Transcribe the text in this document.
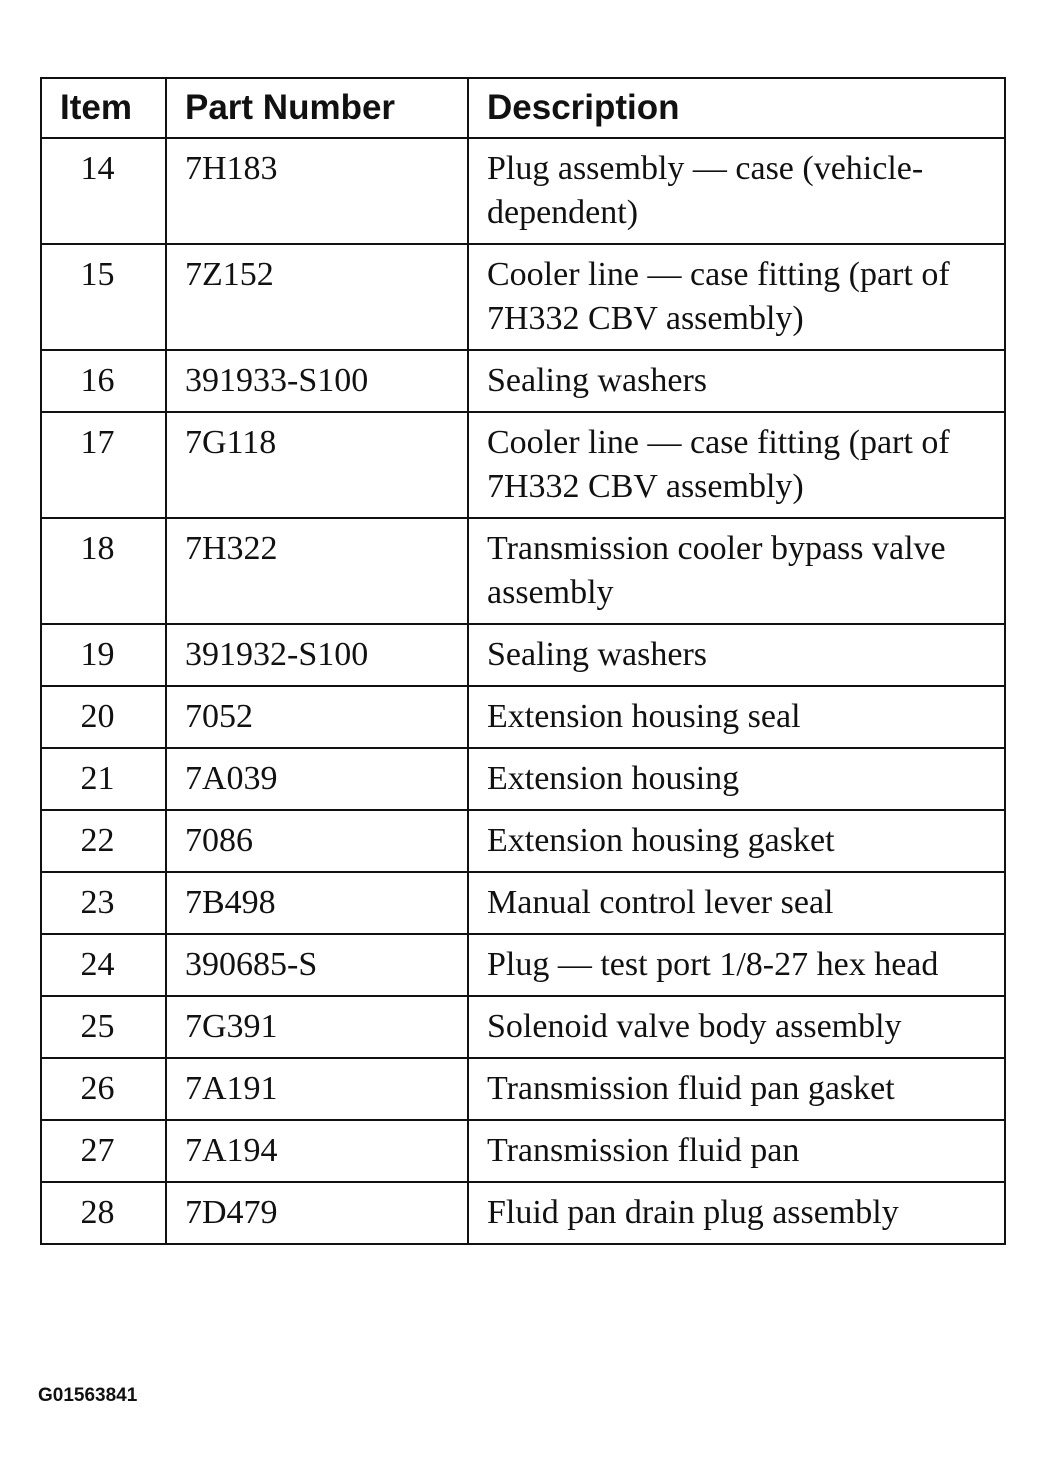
Item	Part Number	Description
14	7H183	Plug assembly — case (vehicle-dependent)
15	7Z152	Cooler line — case fitting (part of 7H332 CBV assembly)
16	391933-S100	Sealing washers
17	7G118	Cooler line — case fitting (part of 7H332 CBV assembly)
18	7H322	Transmission cooler bypass valve assembly
19	391932-S100	Sealing washers
20	7052	Extension housing seal
21	7A039	Extension housing
22	7086	Extension housing gasket
23	7B498	Manual control lever seal
24	390685-S	Plug — test port 1/8-27 hex head
25	7G391	Solenoid valve body assembly
26	7A191	Transmission fluid pan gasket
27	7A194	Transmission fluid pan
28	7D479	Fluid pan drain plug assembly
G01563841
